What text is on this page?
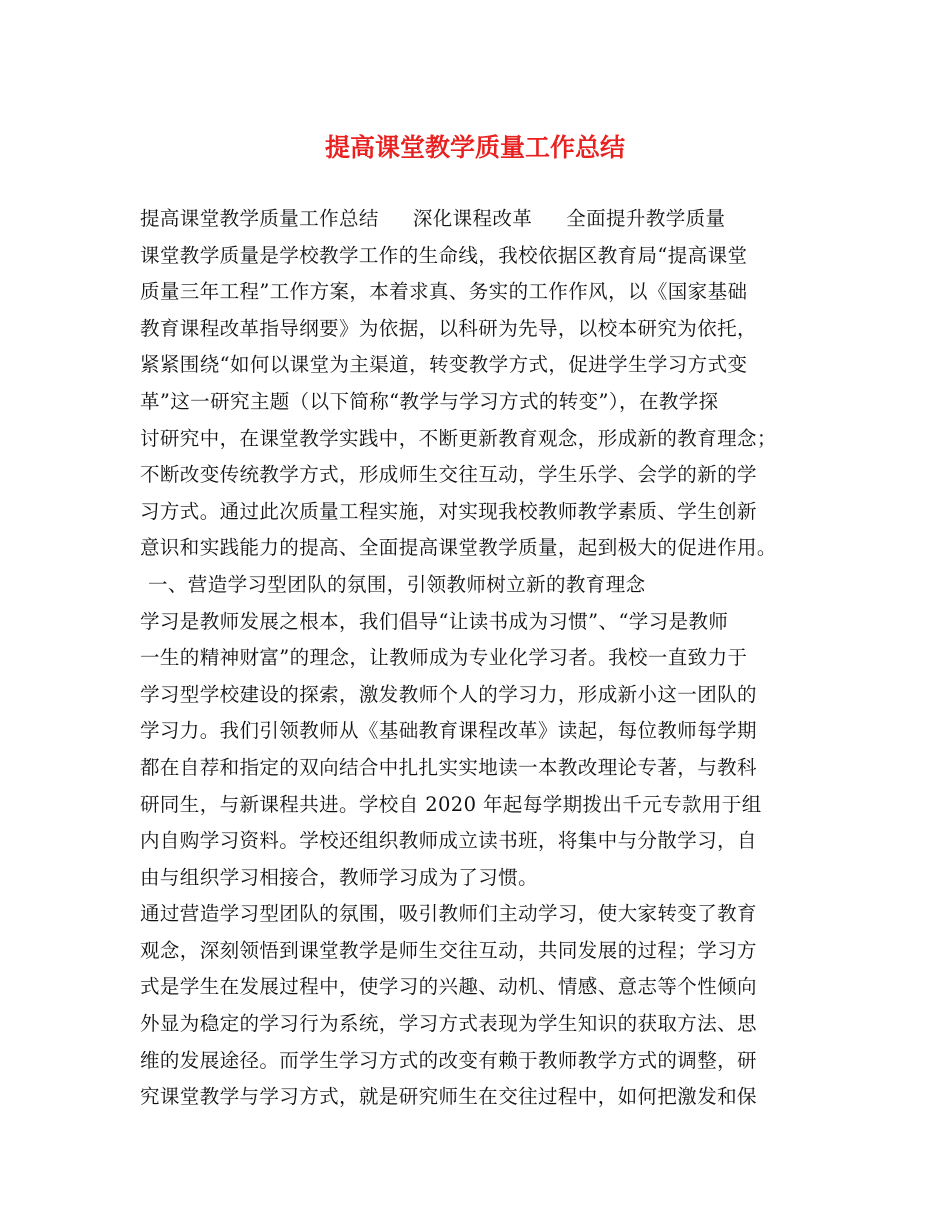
提高课堂教学质量工作总结
提高课堂教学质量工作总结 深化课程改革 全面提升教学质量
课堂教学质量是学校教学工作的生命线，我校依据区教育局“提高课堂
质量三年工程”工作方案，本着求真、务实的工作作风，以《国家基础
教育课程改革指导纲要》为依据，以科研为先导，以校本研究为依托，
紧紧围绕“如何以课堂为主渠道，转变教学方式，促进学生学习方式变
革”这一研究主题（以下简称“教学与学习方式的转变”），在教学探
讨研究中，在课堂教学实践中，不断更新教育观念，形成新的教育理念；
不断改变传统教学方式，形成师生交往互动，学生乐学、会学的新的学
习方式。通过此次质量工程实施，对实现我校教师教学素质、学生创新
意识和实践能力的提高、全面提高课堂教学质量，起到极大的促进作用。
一、营造学习型团队的氛围，引领教师树立新的教育理念
学习是教师发展之根本，我们倡导“让读书成为习惯”、“学习是教师
一生的精神财富”的理念，让教师成为专业化学习者。我校一直致力于
学习型学校建设的探索，激发教师个人的学习力，形成新小这一团队的
学习力。我们引领教师从《基础教育课程改革》读起，每位教师每学期
都在自荐和指定的双向结合中扎扎实实地读一本教改理论专著，与教科
研同生，与新课程共进。学校自 2020 年起每学期拨出千元专款用于组
内自购学习资料。学校还组织教师成立读书班，将集中与分散学习，自
由与组织学习相接合，教师学习成为了习惯。
通过营造学习型团队的氛围，吸引教师们主动学习，使大家转变了教育
观念，深刻领悟到课堂教学是师生交往互动，共同发展的过程；学习方
式是学生在发展过程中，使学习的兴趣、动机、情感、意志等个性倾向
外显为稳定的学习行为系统，学习方式表现为学生知识的获取方法、思
维的发展途径。而学生学习方式的改变有赖于教师教学方式的调整，研
究课堂教学与学习方式，就是研究师生在交往过程中，如何把激发和保
